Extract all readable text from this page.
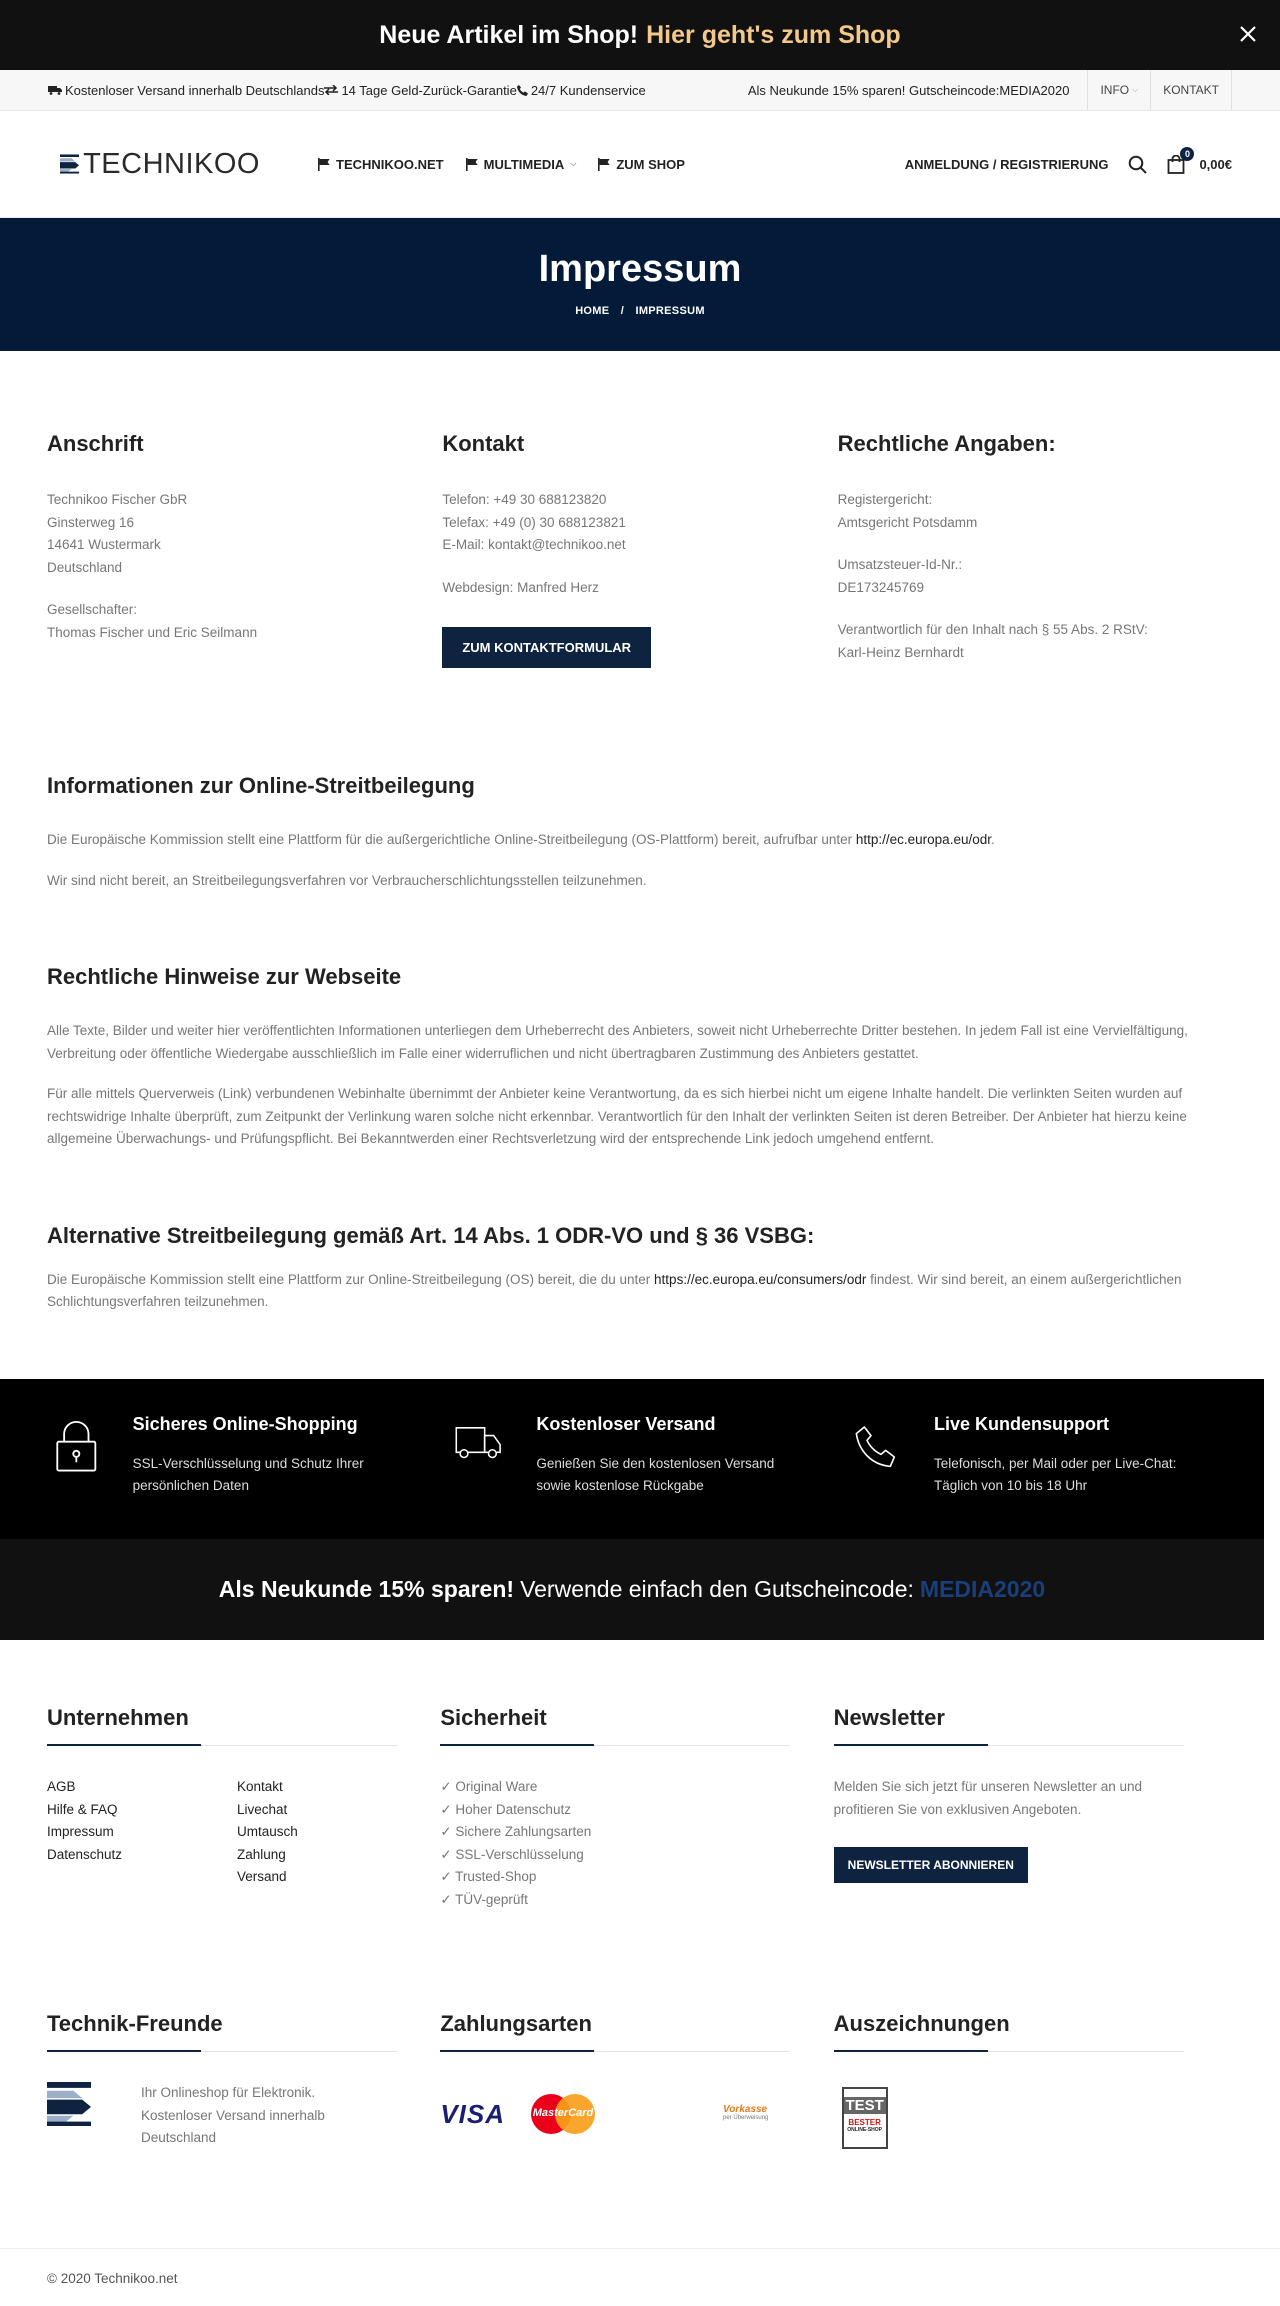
Neue Artikel im Shop! Hier geht's zum Shop
Kostenloser Versand innerhalb Deutschlands 14 Tage Geld-Zurück-Garantie 24/7 Kundenservice	Als Neukunde 15% sparen! Gutscheincode:MEDIA2020	INFO ⌵	KONTAKT
TECHNIKOO	TECHNIKOO.NET	MULTIMEDIA ⌵	ZUM SHOP	ANMELDUNG / REGISTRIERUNG
0
0,00€
Impressum
HOME / IMPRESSUM
Anschrift

Technikoo Fischer GbR

Ginsterweg 16

14641 Wustermark

Deutschland

Gesellschafter:

Thomas Fischer und Eric Seilmann

Kontakt

Telefon: +49 30 688123820

Telefax: +49 (0) 30 688123821

E-Mail: kontakt@technikoo.net

Webdesign: Manfred Herz

ZUM KONTAKTFORMULAR
Rechtliche Angaben:

Registergericht:

Amtsgericht Potsdamm

Umsatzsteuer-Id-Nr.:

DE173245769

Verantwortlich für den Inhalt nach § 55 Abs. 2 RStV:

Karl-Heinz Bernhardt

Informationen zur Online-Streitbeilegung

Die Europäische Kommission stellt eine Plattform für die außergerichtliche Online-Streitbeilegung (OS-Plattform) bereit, aufrufbar unter http://ec.europa.eu/odr.

Wir sind nicht bereit, an Streitbeilegungsverfahren vor Verbraucherschlichtungsstellen teilzunehmen.

Rechtliche Hinweise zur Webseite

Alle Texte, Bilder und weiter hier veröffentlichten Informationen unterliegen dem Urheberrecht des Anbieters, soweit nicht Urheberrechte Dritter bestehen. In jedem Fall ist eine Vervielfältigung, Verbreitung oder öffentliche Wiedergabe ausschließlich im Falle einer widerruflichen und nicht übertragbaren Zustimmung des Anbieters gestattet.

Für alle mittels Querverweis (Link) verbundenen Webinhalte übernimmt der Anbieter keine Verantwortung, da es sich hierbei nicht um eigene Inhalte handelt. Die verlinkten Seiten wurden auf rechtswidrige Inhalte überprüft, zum Zeitpunkt der Verlinkung waren solche nicht erkennbar. Verantwortlich für den Inhalt der verlinkten Seiten ist deren Betreiber. Der Anbieter hat hierzu keine allgemeine Überwachungs- und Prüfungspflicht. Bei Bekanntwerden einer Rechtsverletzung wird der entsprechende Link jedoch umgehend entfernt.

Alternative Streitbeilegung gemäß Art. 14 Abs. 1 ODR-VO und § 36 VSBG:

Die Europäische Kommission stellt eine Plattform zur Online-Streitbeilegung (OS) bereit, die du unter https://ec.europa.eu/consumers/odr findest. Wir sind bereit, an einem außergerichtlichen Schlichtungsverfahren teilzunehmen.

Sicheres Online-Shopping
SSL-Verschlüsselung und Schutz Ihrer persönlichen Daten
Kostenloser Versand
Genießen Sie den kostenlosen Versand sowie kostenlose Rückgabe
Live Kundensupport
Telefonisch, per Mail oder per Live-Chat: Täglich von 10 bis 18 Uhr
Als Neukunde 15% sparen! Verwende einfach den Gutscheincode: MEDIA2020
Unternehmen
AGB
Hilfe & FAQ
Impressum
Datenschutz
Kontakt
Livechat
Umtausch
Zahlung
Versand
Sicherheit
✓ Original Ware
✓ Hoher Datenschutz
✓ Sichere Zahlungsarten
✓ SSL-Verschlüsselung
✓ Trusted-Shop
✓ TÜV-geprüft
Newsletter
Melden Sie sich jetzt für unseren Newsletter an und profitieren Sie von exklusiven Angeboten.
NEWSLETTER ABONNIEREN
Technik-Freunde
Ihr Onlineshop für Elektronik. Kostenloser Versand innerhalb Deutschland
Zahlungsarten
VISA	MasterCard	Vorkasse
per Überweisung
Auszeichnungen
TEST
BESTER
ONLINE-SHOP
© 2020 Technikoo.net
